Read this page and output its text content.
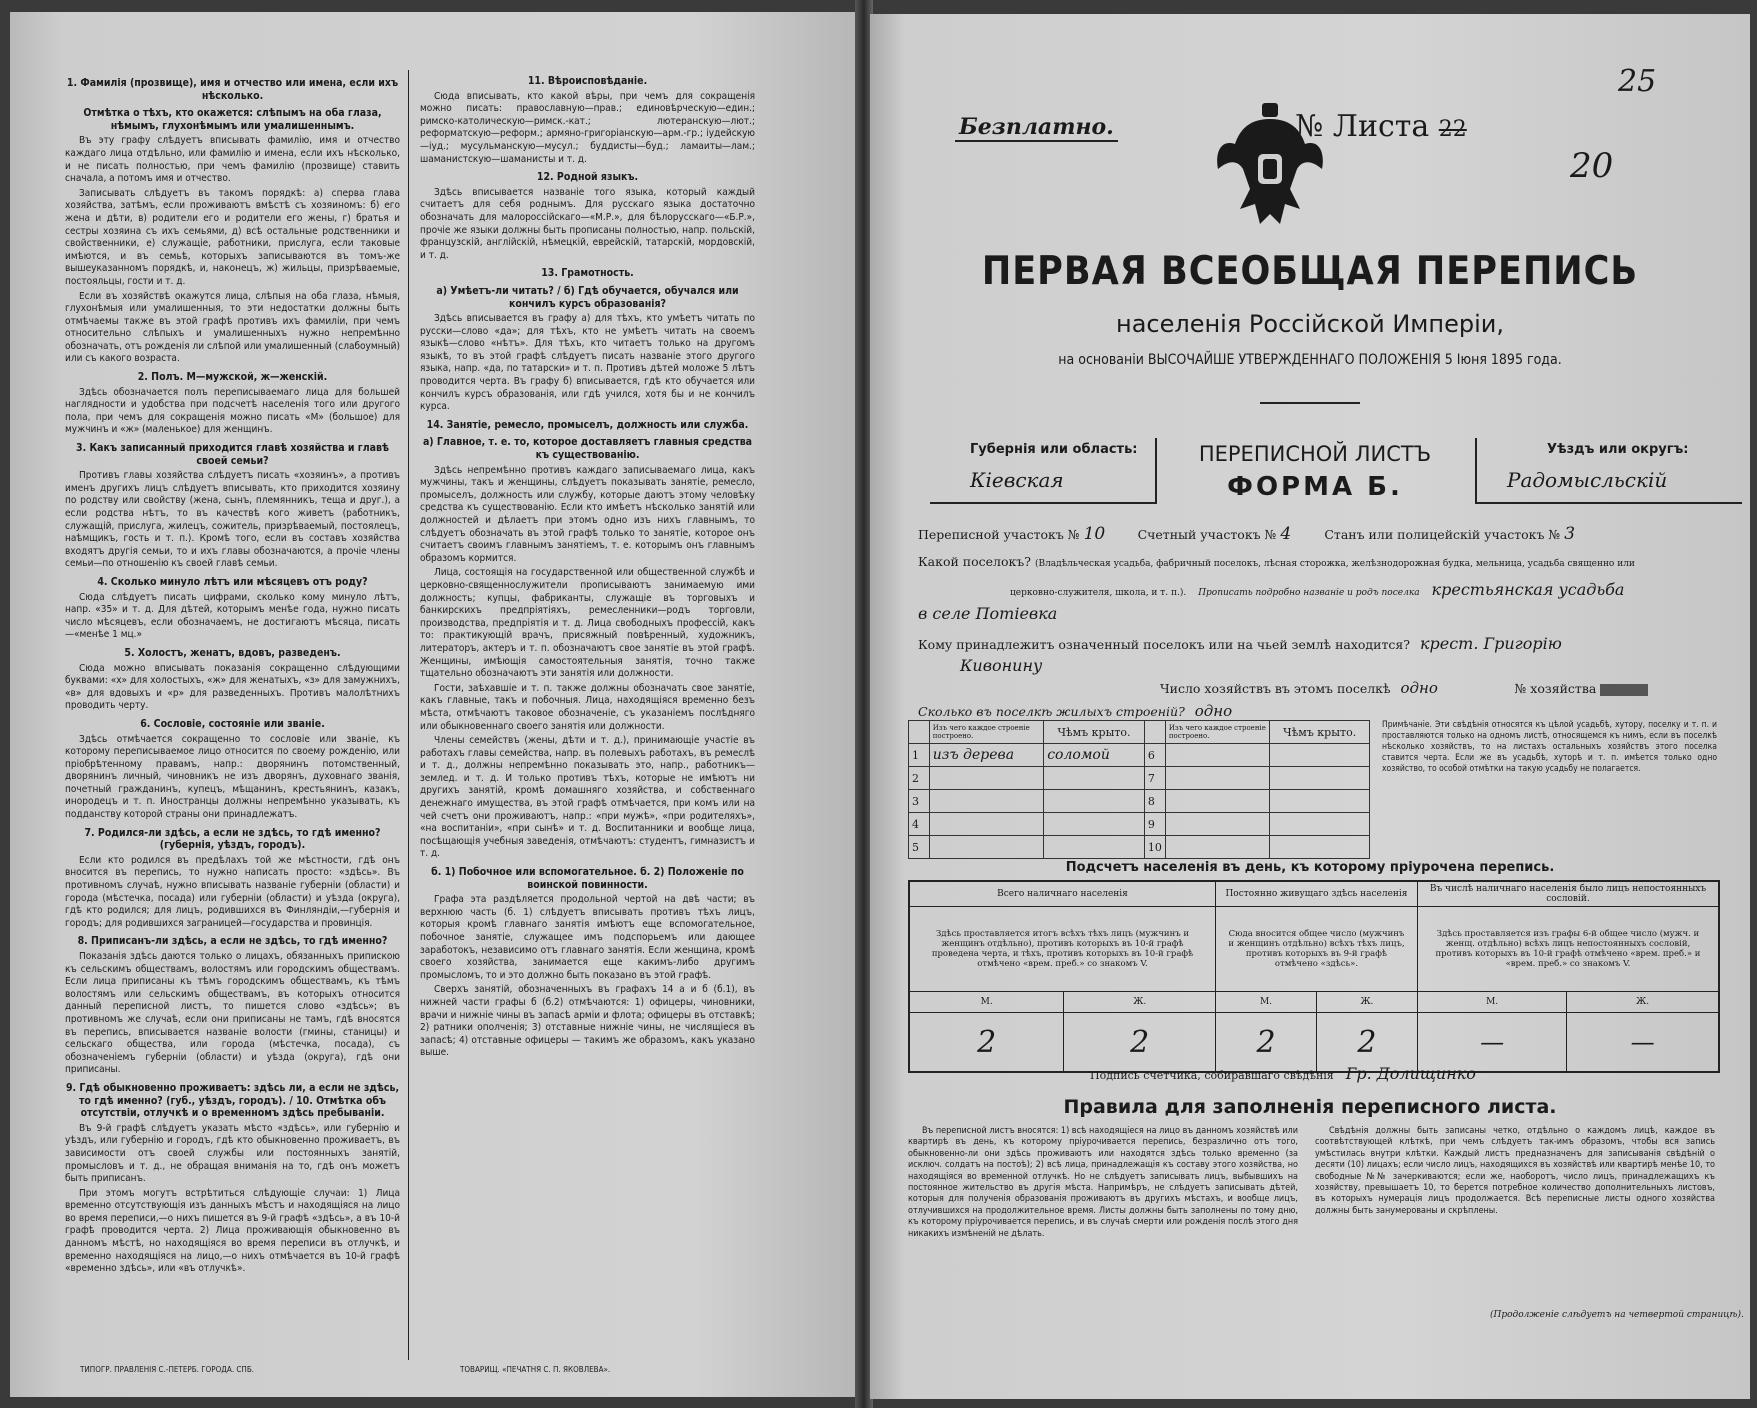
1. Фамилія (прозвище), имя и отчество или имена, если ихъ нѣсколько.
Отмѣтка о тѣхъ, кто окажется: слѣпымъ на оба глаза, нѣмымъ, глухонѣмымъ или умалишеннымъ.

Въ эту графу слѣдуетъ вписывать фамилію, имя и отчество каждаго лица отдѣльно, или фамилію и имена, если ихъ нѣсколько, и не писать полностью, при чемъ фамилію (прозвище) ставить сначала, а потомъ имя и отчество.

Записывать слѣдуетъ въ такомъ порядкѣ: а) сперва глава хозяйства, затѣмъ, если проживаютъ вмѣстѣ съ хозяиномъ: б) его жена и дѣти, в) родители его и родители его жены, г) братья и сестры хозяина съ ихъ семьями, д) всѣ остальные родственники и свойственники, е) служащіе, работники, прислуга, если таковые имѣются, и въ семьѣ, которыхъ записываются въ томъ-же вышеуказанномъ порядкѣ, и, наконецъ, ж) жильцы, призрѣваемые, постояльцы, гости и т. д.

Если въ хозяйствѣ окажутся лица, слѣпыя на оба глаза, нѣмыя, глухонѣмыя или умалишенныя, то эти недостатки должны быть отмѣчаемы также въ этой графѣ противъ ихъ фамиліи, при чемъ относительно слѣпыхъ и умалишенныхъ нужно непремѣнно обозначать, отъ рожденія ли слѣпой или умалишенный (слабоумный) или съ какого возраста.

2. Полъ. М—мужской, ж—женскій.

Здѣсь обозначается полъ переписываемаго лица для большей наглядности и удобства при подсчетѣ населенія того или другого пола, при чемъ для сокращенія можно писать «М» (большое) для мужчинъ и «ж» (маленькое) для женщинъ.

3. Какъ записанный приходится главѣ хозяйства и главѣ своей семьи?

Противъ главы хозяйства слѣдуетъ писать «хозяинъ», а противъ именъ другихъ лицъ слѣдуетъ вписывать, кто приходится хозяину по родству или свойству (жена, сынъ, племянникъ, теща и друг.), а если родства нѣтъ, то въ качествѣ кого живетъ (работникъ, служащій, прислуга, жилецъ, сожитель, призрѣваемый, постоялецъ, наѣмщикъ, гость и т. п.). Кромѣ того, если въ составъ хозяйства входятъ другія семьи, то и ихъ главы обозначаются, а прочіе члены семьи—по отношенію къ своей главѣ семьи.

4. Сколько минуло лѣтъ или мѣсяцевъ отъ роду?

Сюда слѣдуетъ писать цифрами, сколько кому минуло лѣтъ, напр. «35» и т. д. Для дѣтей, которымъ менѣе года, нужно писать число мѣсяцевъ, если обозначаемъ, не достигаютъ мѣсяца, писать—«менѣе 1 мц.»

5. Холостъ, женатъ, вдовъ, разведенъ.

Сюда можно вписывать показанія сокращенно слѣдующими буквами: «х» для холостыхъ, «ж» для женатыхъ, «з» для замужнихъ, «в» для вдовыхъ и «р» для разведенныхъ. Противъ малолѣтнихъ проводить черту.

6. Сословіе, состояніе или званіе.

Здѣсь отмѣчается сокращенно то сословіе или званіе, къ которому переписываемое лицо относится по своему рожденію, или пріобрѣтенному правамъ, напр.: дворянинъ потомственный, дворянинъ личный, чиновникъ не изъ дворянъ, духовнаго званія, почетный гражданинъ, купецъ, мѣщанинъ, крестьянинъ, казакъ, инородецъ и т. п. Иностранцы должны непремѣнно указывать, къ подданству которой страны они принадлежатъ.

7. Родился-ли здѣсь, а если не здѣсь, то гдѣ именно? (губернія, уѣздъ, городъ).

Если кто родился въ предѣлахъ той же мѣстности, гдѣ онъ вносится въ перепись, то нужно написать просто: «здѣсь». Въ противномъ случаѣ, нужно вписывать названіе губерніи (области) и города (мѣстечка, посада) или губерніи (области) и уѣзда (округа), гдѣ кто родился; для лицъ, родившихся въ Финляндіи,—губернія и городъ; для родившихся заграницей—государства и провинція.

8. Приписанъ-ли здѣсь, а если не здѣсь, то гдѣ именно?

Показанія здѣсь даются только о лицахъ, обязанныхъ припискою къ сельскимъ обществамъ, волостямъ или городскимъ обществамъ. Если лица приписаны къ тѣмъ городскимъ обществамъ, къ тѣмъ волостямъ или сельскимъ обществамъ, въ которыхъ относится данный переписной листъ, то пишется слово «здѣсь»; въ противномъ же случаѣ, если они приписаны не тамъ, гдѣ вносятся въ перепись, вписывается названіе волости (гмины, станицы) и сельскаго общества, или города (мѣстечка, посада), съ обозначеніемъ губерніи (области) и уѣзда (округа), гдѣ они приписаны.

9. Гдѣ обыкновенно проживаетъ: здѣсь ли, а если не здѣсь, то гдѣ именно? (губ., уѣздъ, городъ). / 10. Отмѣтка объ отсутствіи, отлучкѣ и о временномъ здѣсь пребываніи.

Въ 9-й графѣ слѣдуетъ указать мѣсто «здѣсь», или губернію и уѣздъ, или губернію и городъ, гдѣ кто обыкновенно проживаетъ, въ зависимости отъ своей службы или постоянныхъ занятій, промысловъ и т. д., не обращая вниманія на то, гдѣ онъ можетъ быть приписанъ.

При этомъ могутъ встрѣтиться слѣдующіе случаи: 1) Лица временно отсутствующія изъ данныхъ мѣстъ и находящіяся на лицо во время переписи,—о нихъ пишется въ 9-й графѣ «здѣсь», а въ 10-й графѣ проводится черта. 2) Лица проживающія обыкновенно въ данномъ мѣстѣ, но находящіяся во время переписи въ отлучкѣ, и временно находящіяся на лицо,—о нихъ отмѣчается въ 10-й графѣ «временно здѣсь», или «въ отлучкѣ».

11. Вѣроисповѣданіе.

Сюда вписывать, кто какой вѣры, при чемъ для сокращенія можно писать: православную—прав.; единовѣрческую—един.; римско-католическую—римск.-кат.; лютеранскую—лют.; реформатскую—реформ.; армяно-григоріанскую—арм.-гр.; іудейскую—іуд.; мусульманскую—мусул.; буддисты—буд.; ламаиты—лам.; шаманистскую—шаманисты и т. д.

12. Родной языкъ.

Здѣсь вписывается названіе того языка, который каждый считаетъ для себя роднымъ. Для русскаго языка достаточно обозначать для малороссійскаго—«М.Р.», для бѣлорусскаго—«Б.Р.», прочіе же языки должны быть прописаны полностью, напр. польскій, французскій, англійскій, нѣмецкій, еврейскій, татарскій, мордовскій, и т. д.

13. Грамотность.
а) Умѣетъ-ли читать? / б) Гдѣ обучается, обучался или кончилъ курсъ образованія?

Здѣсь вписывается въ графу а) для тѣхъ, кто умѣетъ читать по русски—слово «да»; для тѣхъ, кто не умѣетъ читать на своемъ языкѣ—слово «нѣтъ». Для тѣхъ, кто читаетъ только на другомъ языкѣ, то въ этой графѣ слѣдуетъ писать названіе этого другого языка, напр. «да, по татарски» и т. п. Противъ дѣтей моложе 5 лѣтъ проводится черта. Въ графу б) вписывается, гдѣ кто обучается или кончилъ курсъ образованія, или гдѣ учился, хотя бы и не кончилъ курса.

14. Занятіе, ремесло, промыселъ, должность или служба.
а) Главное, т. е. то, которое доставляетъ главныя средства къ существованію.

Здѣсь непремѣнно противъ каждаго записываемаго лица, какъ мужчины, такъ и женщины, слѣдуетъ показывать занятіе, ремесло, промыселъ, должность или службу, которые даютъ этому человѣку средства къ существованію. Если кто имѣетъ нѣсколько занятій или должностей и дѣлаетъ при этомъ одно изъ нихъ главнымъ, то слѣдуетъ обозначать въ этой графѣ только то занятіе, которое онъ считаетъ своимъ главнымъ занятіемъ, т. е. которымъ онъ главнымъ образомъ кормится.

Лица, состоящія на государственной или общественной службѣ и церковно-священнослужители прописываютъ занимаемую ими должность; купцы, фабриканты, служащіе въ торговыхъ и банкирскихъ предпріятіяхъ, ремесленники—родъ торговли, производства, предпріятія и т. д. Лица свободныхъ профессій, какъ то: практикующій врачъ, присяжный повѣренный, художникъ, литераторъ, актеръ и т. п. обозначаютъ свое занятіе въ этой графѣ. Женщины, имѣющія самостоятельныя занятія, точно также тщательно обозначаютъ эти занятія или должности.

Гости, заѣхавшіе и т. п. также должны обозначать свое занятіе, какъ главные, такъ и побочныя. Лица, находящіяся временно безъ мѣста, отмѣчаютъ таковое обозначеніе, съ указаніемъ послѣдняго или обыкновеннаго своего занятія или должности.

Члены семействъ (жены, дѣти и т. д.), принимающіе участіе въ работахъ главы семейства, напр. въ полевыхъ работахъ, въ ремеслѣ и т. д., должны непремѣнно показывать это, напр., работникъ—землед. и т. д. И только противъ тѣхъ, которые не имѣютъ ни другихъ занятій, кромѣ домашняго хозяйства, и собственнаго денежнаго имущества, въ этой графѣ отмѣчается, при комъ или на чей счетъ они проживаютъ, напр.: «при мужѣ», «при родителяхъ», «на воспитаніи», «при сынѣ» и т. д. Воспитанники и вообще лица, посѣщающія учебныя заведенія, отмѣчаютъ: студентъ, гимназистъ и т. д.

б. 1) Побочное или вспомогательное. б. 2) Положеніе по воинской повинности.

Графа эта раздѣляется продольной чертой на двѣ части; въ верхнюю часть (б. 1) слѣдуетъ вписывать противъ тѣхъ лицъ, которыя кромѣ главнаго занятія имѣютъ еще вспомогательное, побочное занятіе, служащее имъ подспорьемъ или дающее заработокъ, независимо отъ главнаго занятія. Если женщина, кромѣ своего хозяйства, занимается еще какимъ-либо другимъ промысломъ, то и это должно быть показано въ этой графѣ.

Сверхъ занятій, обозначенныхъ въ графахъ 14 а и б (б.1), въ нижней части графы б (б.2) отмѣчаются: 1) офицеры, чиновники, врачи и нижніе чины въ запасѣ арміи и флота; офицеры въ отставкѣ; 2) ратники ополченія; 3) отставные нижніе чины, не числящіеся въ запасѣ; 4) отставные офицеры — такимъ же образомъ, какъ указано выше.

ТИПОГР. ПРАВЛЕНІЯ С.-ПЕТЕРБ. ГОРОДА. СПБ.	ТОВАРИЩ. «ПЕЧАТНЯ С. П. ЯКОВЛЕВА».
Безплатно.	№ Листа 22
20
25
ПЕРВАЯ ВСЕОБЩАЯ ПЕРЕПИСЬ
населенія Россійской Имперіи,
на основаніи ВЫСОЧАЙШЕ УТВЕРЖДЕННАГО ПОЛОЖЕНІЯ 5 Іюня 1895 года.
Губернія или область:
Кіевская
ПЕРЕПИСНОЙ ЛИСТЪ
ФОРМА Б.
Уѣздъ или округъ:
Радомысльскій
Переписной участокъ № 10	Счетный участокъ № 4	Станъ или полицейскій участокъ № 3
Какой поселокъ? (Владѣльческая усадьба, фабричный поселокъ, лѣсная сторожка, желѣзнодорожная будка, мельница, усадьба священно или
церковно-служителя, школа, и т. п.). Прописать подробно названіе и родъ поселка крестьянская усадьба
в селе Потіевка
Кому принадлежитъ означенный поселокъ или на чьей землѣ находится? крест. Григорію
Кивонину
Число хозяйствъ въ этомъ поселкѣ одно	№ хозяйства
Сколько въ поселкѣ жилыхъ строеній? одно
	Изъ чего каждое строеніе построено.	Чѣмъ крыто.		Изъ чего каждое строеніе построено.	Чѣмъ крыто.
1	изъ дерева	соломой	6		
2			7		
3			8		
4			9		
5			10		
Примѣчаніе. Эти свѣдѣнія относятся къ цѣлой усадьбѣ, хутору, поселку и т. п. и проставляются только на одномъ листѣ, относящемся къ нимъ, если въ поселкѣ нѣсколько хозяйствъ, то на листахъ остальныхъ хозяйствъ этого поселка ставится черта. Если же въ усадьбѣ, хуторѣ и т. п. имѣется только одно хозяйство, то особой отмѣтки на такую усадьбу не полагается.
Подсчетъ населенія въ день, къ которому пріурочена перепись.
Всего наличнаго населенія		Постоянно живущаго здѣсь населенія		Въ числѣ наличнаго населенія было лицъ непостоянныхъ сословій.	
Здѣсь проставляется итогъ всѣхъ тѣхъ лицъ (мужчинъ и женщинъ отдѣльно), противъ которыхъ въ 10-й графѣ проведена черта, и тѣхъ, противъ которыхъ въ 10-й графѣ отмѣчено «врем. преб.» со знакомъ V.		Сюда вносится общее число (мужчинъ и женщинъ отдѣльно) всѣхъ тѣхъ лицъ, противъ которыхъ въ 9-й графѣ отмѣчено «здѣсь».		Здѣсь проставляется изъ графы 6-й общее число (мужч. и женщ. отдѣльно) всѣхъ лицъ непостоянныхъ сословій, противъ которыхъ въ 10-й графѣ отмѣчено «врем. преб.» и «врем. преб.» со знакомъ V.	
М.	Ж.	М.	Ж.	М.	Ж.
2	2	2	2	—	—
Подпись счетчика, собиравшаго свѣдѣнія Гр. Долищинко
Правила для заполненія переписного листа.
Въ переписной листъ вносятся: 1) всѣ находящіеся на лицо въ данномъ хозяйствѣ или квартирѣ въ день, къ которому пріурочивается перепись, безразлично отъ того, обыкновенно-ли они здѣсь проживаютъ или находятся здѣсь только временно (за исключ. солдатъ на постоѣ); 2) всѣ лица, принадлежащія къ составу этого хозяйства, но находящіяся во временной отлучкѣ. Но не слѣдуетъ записывать лицъ, выбывшихъ на постоянное жительство въ другія мѣста. Напримѣръ, не слѣдуетъ записывать дѣтей, которыя для полученія образованія проживаютъ въ другихъ мѣстахъ, и вообще лицъ, отлучившихся на продолжительное время. Листы должны быть заполнены по тому дню, къ которому пріурочивается перепись, и въ случаѣ смерти или рожденія послѣ этого дня никакихъ измѣненій не дѣлать.
Свѣдѣнія должны быть записаны четко, отдѣльно о каждомъ лицѣ, каждое въ соотвѣтствующей клѣткѣ, при чемъ слѣдуетъ так-имъ образомъ, чтобы вся запись умѣстилась внутри клѣтки. Каждый листъ предназначенъ для записыванія свѣдѣній о десяти (10) лицахъ; если число лицъ, находящихся въ хозяйствѣ или квартирѣ менѣе 10, то свободные №№ зачеркиваются; если же, наоборотъ, число лицъ, принадлежащихъ къ хозяйству, превышаетъ 10, то берется потребное количество дополнительныхъ листовъ, въ которыхъ нумерація лицъ продолжается. Всѣ переписные листы одного хозяйства должны быть занумерованы и скрѣплены.
(Продолженіе слѣдуетъ на четвертой страницѣ).
